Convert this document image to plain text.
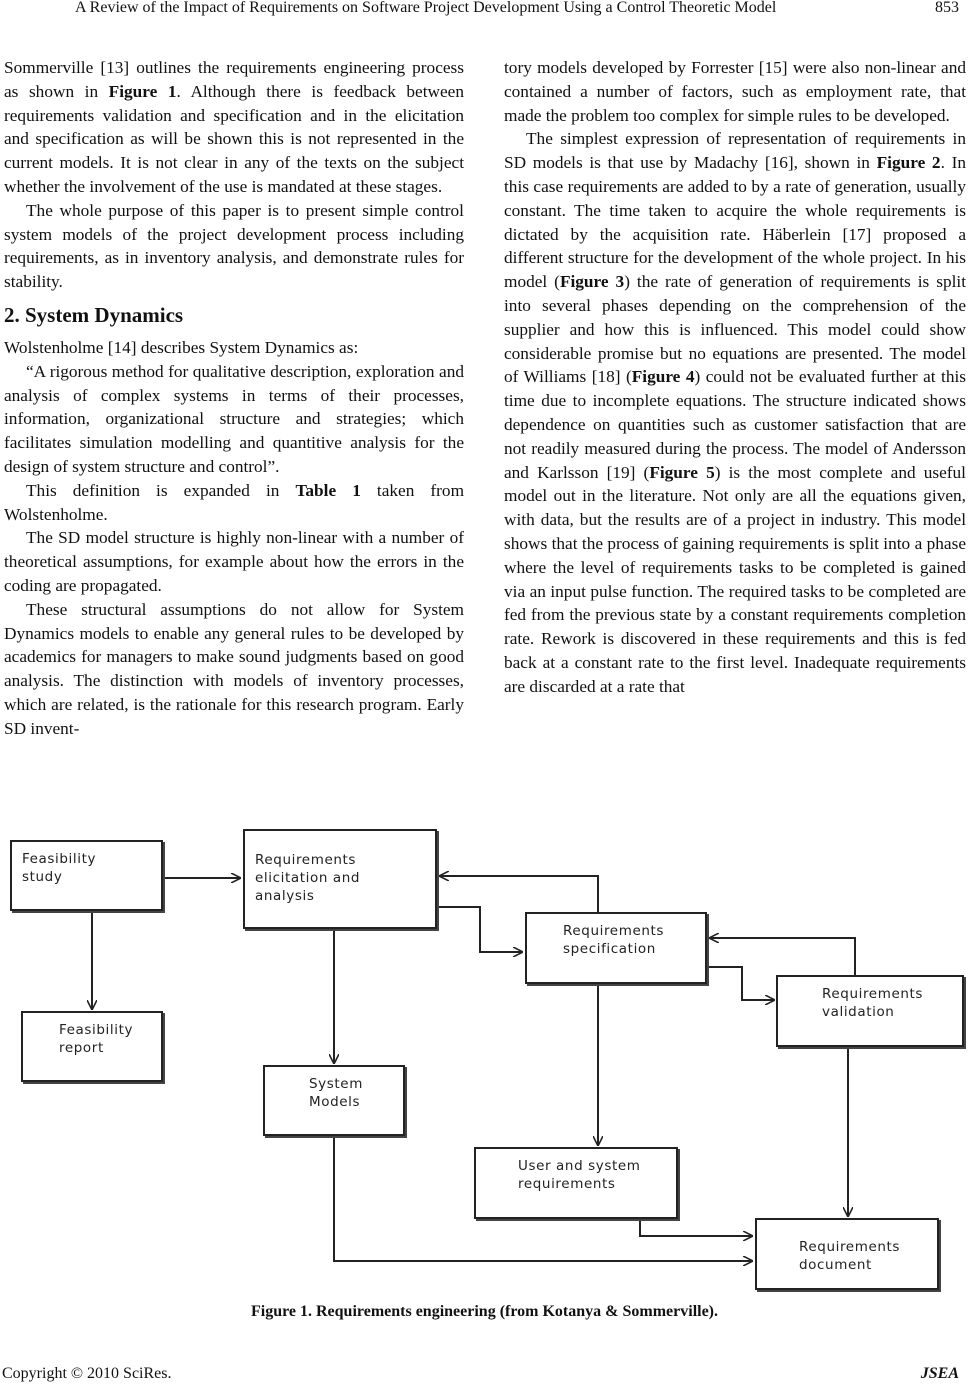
A Review of the Impact of Requirements on Software Project Development Using a Control Theoretic Model	853

Sommerville [13] outlines the requirements engineering process as shown in Figure 1. Although there is feedback between requirements validation and specification and in the elicitation and specification as will be shown this is not represented in the current models. It is not clear in any of the texts on the subject whether the involvement of the use is mandated at these stages.

The whole purpose of this paper is to present simple control system models of the project development process including requirements, as in inventory analysis, and demonstrate rules for stability.

2. System Dynamics

Wolstenholme [14] describes System Dynamics as:

“A rigorous method for qualitative description, exploration and analysis of complex systems in terms of their processes, information, organizational structure and strategies; which facilitates simulation modelling and quantitive analysis for the design of system structure and control”.

This definition is expanded in Table 1 taken from Wolstenholme.

The SD model structure is highly non-linear with a number of theoretical assumptions, for example about how the errors in the coding are propagated.

These structural assumptions do not allow for System Dynamics models to enable any general rules to be developed by academics for managers to make sound judgments based on good analysis. The distinction with models of inventory processes, which are related, is the rationale for this research program. Early SD invent-

tory models developed by Forrester [15] were also non-linear and contained a number of factors, such as employment rate, that made the problem too complex for simple rules to be developed.

The simplest expression of representation of requirements in SD models is that use by Madachy [16], shown in Figure 2. In this case requirements are added to by a rate of generation, usually constant. The time taken to acquire the whole requirements is dictated by the acquisition rate. Häberlein [17] proposed a different structure for the development of the whole project. In his model (Figure 3) the rate of generation of requirements is split into several phases depending on the comprehension of the supplier and how this is influenced. This model could show considerable promise but no equations are presented. The model of Williams [18] (Figure 4) could not be evaluated further at this time due to incomplete equations. The structure indicated shows dependence on quantities such as customer satisfaction that are not readily measured during the process. The model of Andersson and Karlsson [19] (Figure 5) is the most complete and useful model out in the literature. Not only are all the equations given, with data, but the results are of a project in industry. This model shows that the process of gaining requirements is split into a phase where the level of requirements tasks to be completed is gained via an input pulse function. The required tasks to be completed are fed from the previous state by a constant requirements completion rate. Rework is discovered in these requirements and this is fed back at a constant rate to the first level. Inadequate requirements are discarded at a rate that

Feasibility
study
Requirements
elicitation and
analysis
Requirements
specification
Requirements
validation
Feasibility
report
System
Models
User and system
requirements
Requirements
document
Figure 1. Requirements engineering (from Kotanya & Sommerville).
Copyright © 2010 SciRes.	JSEA
